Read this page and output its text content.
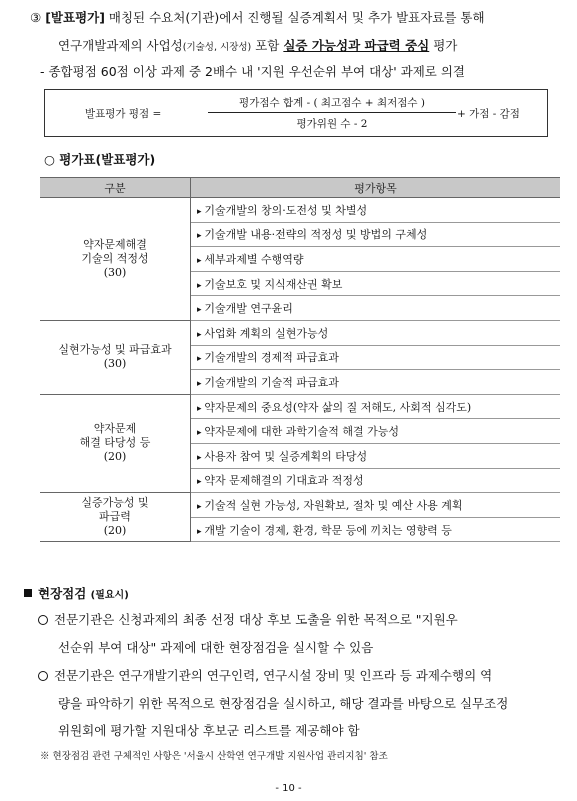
③ [발표평가] 매칭된 수요처(기관)에서 진행될 실증계획서 및 추가 발표자료를 통해
연구개발과제의 사업성(기술성, 시장성) 포함 실증 가능성과 파급력 중심 평가
- 종합평점 60점 이상 과제 중 2배수 내 '지원 우선순위 부여 대상' 과제로 의결
발표평가 평점 =
평가점수 합계 - ( 최고점수 + 최저점수 )
평가위원 수 - 2
+ 가점 - 감점
○ 평가표(발표평가)
구분	평가항목

약자문제해결
기술의 적정성
(30)	▸ 기술개발의 창의·도전성 및 차별성
	▸ 기술개발 내용·전략의 적정성 및 방법의 구체성
	▸ 세부과제별 수행역량
	▸ 기술보호 및 지식재산권 확보
	▸ 기술개발 연구윤리

실현가능성 및 파급효과
(30)	▸ 사업화 계획의 실현가능성
	▸ 기술개발의 경제적 파급효과
	▸ 기술개발의 기술적 파급효과

약자문제
해결 타당성 등
(20)	▸ 약자문제의 중요성(약자 삶의 질 저해도, 사회적 심각도)
	▸ 약자문제에 대한 과학기술적 해결 가능성
	▸ 사용자 참여 및 실증계획의 타당성
	▸ 약자 문제해결의 기대효과 적정성

실증가능성 및
파급력
(20)	▸ 기술적 실현 가능성, 자원확보, 절차 및 예산 사용 계획
	▸ 개발 기술이 경제, 환경, 학문 등에 끼치는 영향력 등
현장점검 (필요시)
전문기관은 신청과제의 최종 선정 대상 후보 도출을 위한 목적으로 "지원우
선순위 부여 대상" 과제에 대한 현장점검을 실시할 수 있음
전문기관은 연구개발기관의 연구인력, 연구시설 장비 및 인프라 등 과제수행의 역
량을 파악하기 위한 목적으로 현장점검을 실시하고, 해당 결과를 바탕으로 실무조정
위원회에 평가할 지원대상 후보군 리스트를 제공해야 함
※ 현장점검 관련 구체적인 사항은 '서울시 산학연 연구개발 지원사업 관리지침' 참조
- 10 -
